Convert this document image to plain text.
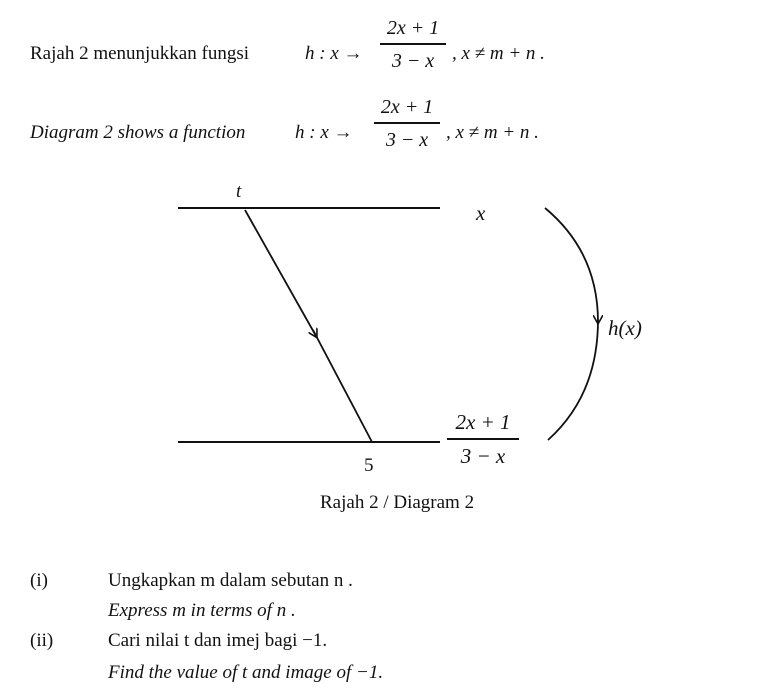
Rajah 2 menunjukkan fungsi	h : x →
2x + 1
3 − x , x ≠ m + n .
Diagram 2 shows a function	h : x →
2x + 1
3 − x , x ≠ m + n .
t
x
h(x)
2x + 1
3 − x
5
Rajah 2 / Diagram 2
(i)	Ungkapkan m dalam sebutan n .
Express m in terms of n .
(ii)	Cari nilai t dan imej bagi −1.
Find the value of t and image of −1.
